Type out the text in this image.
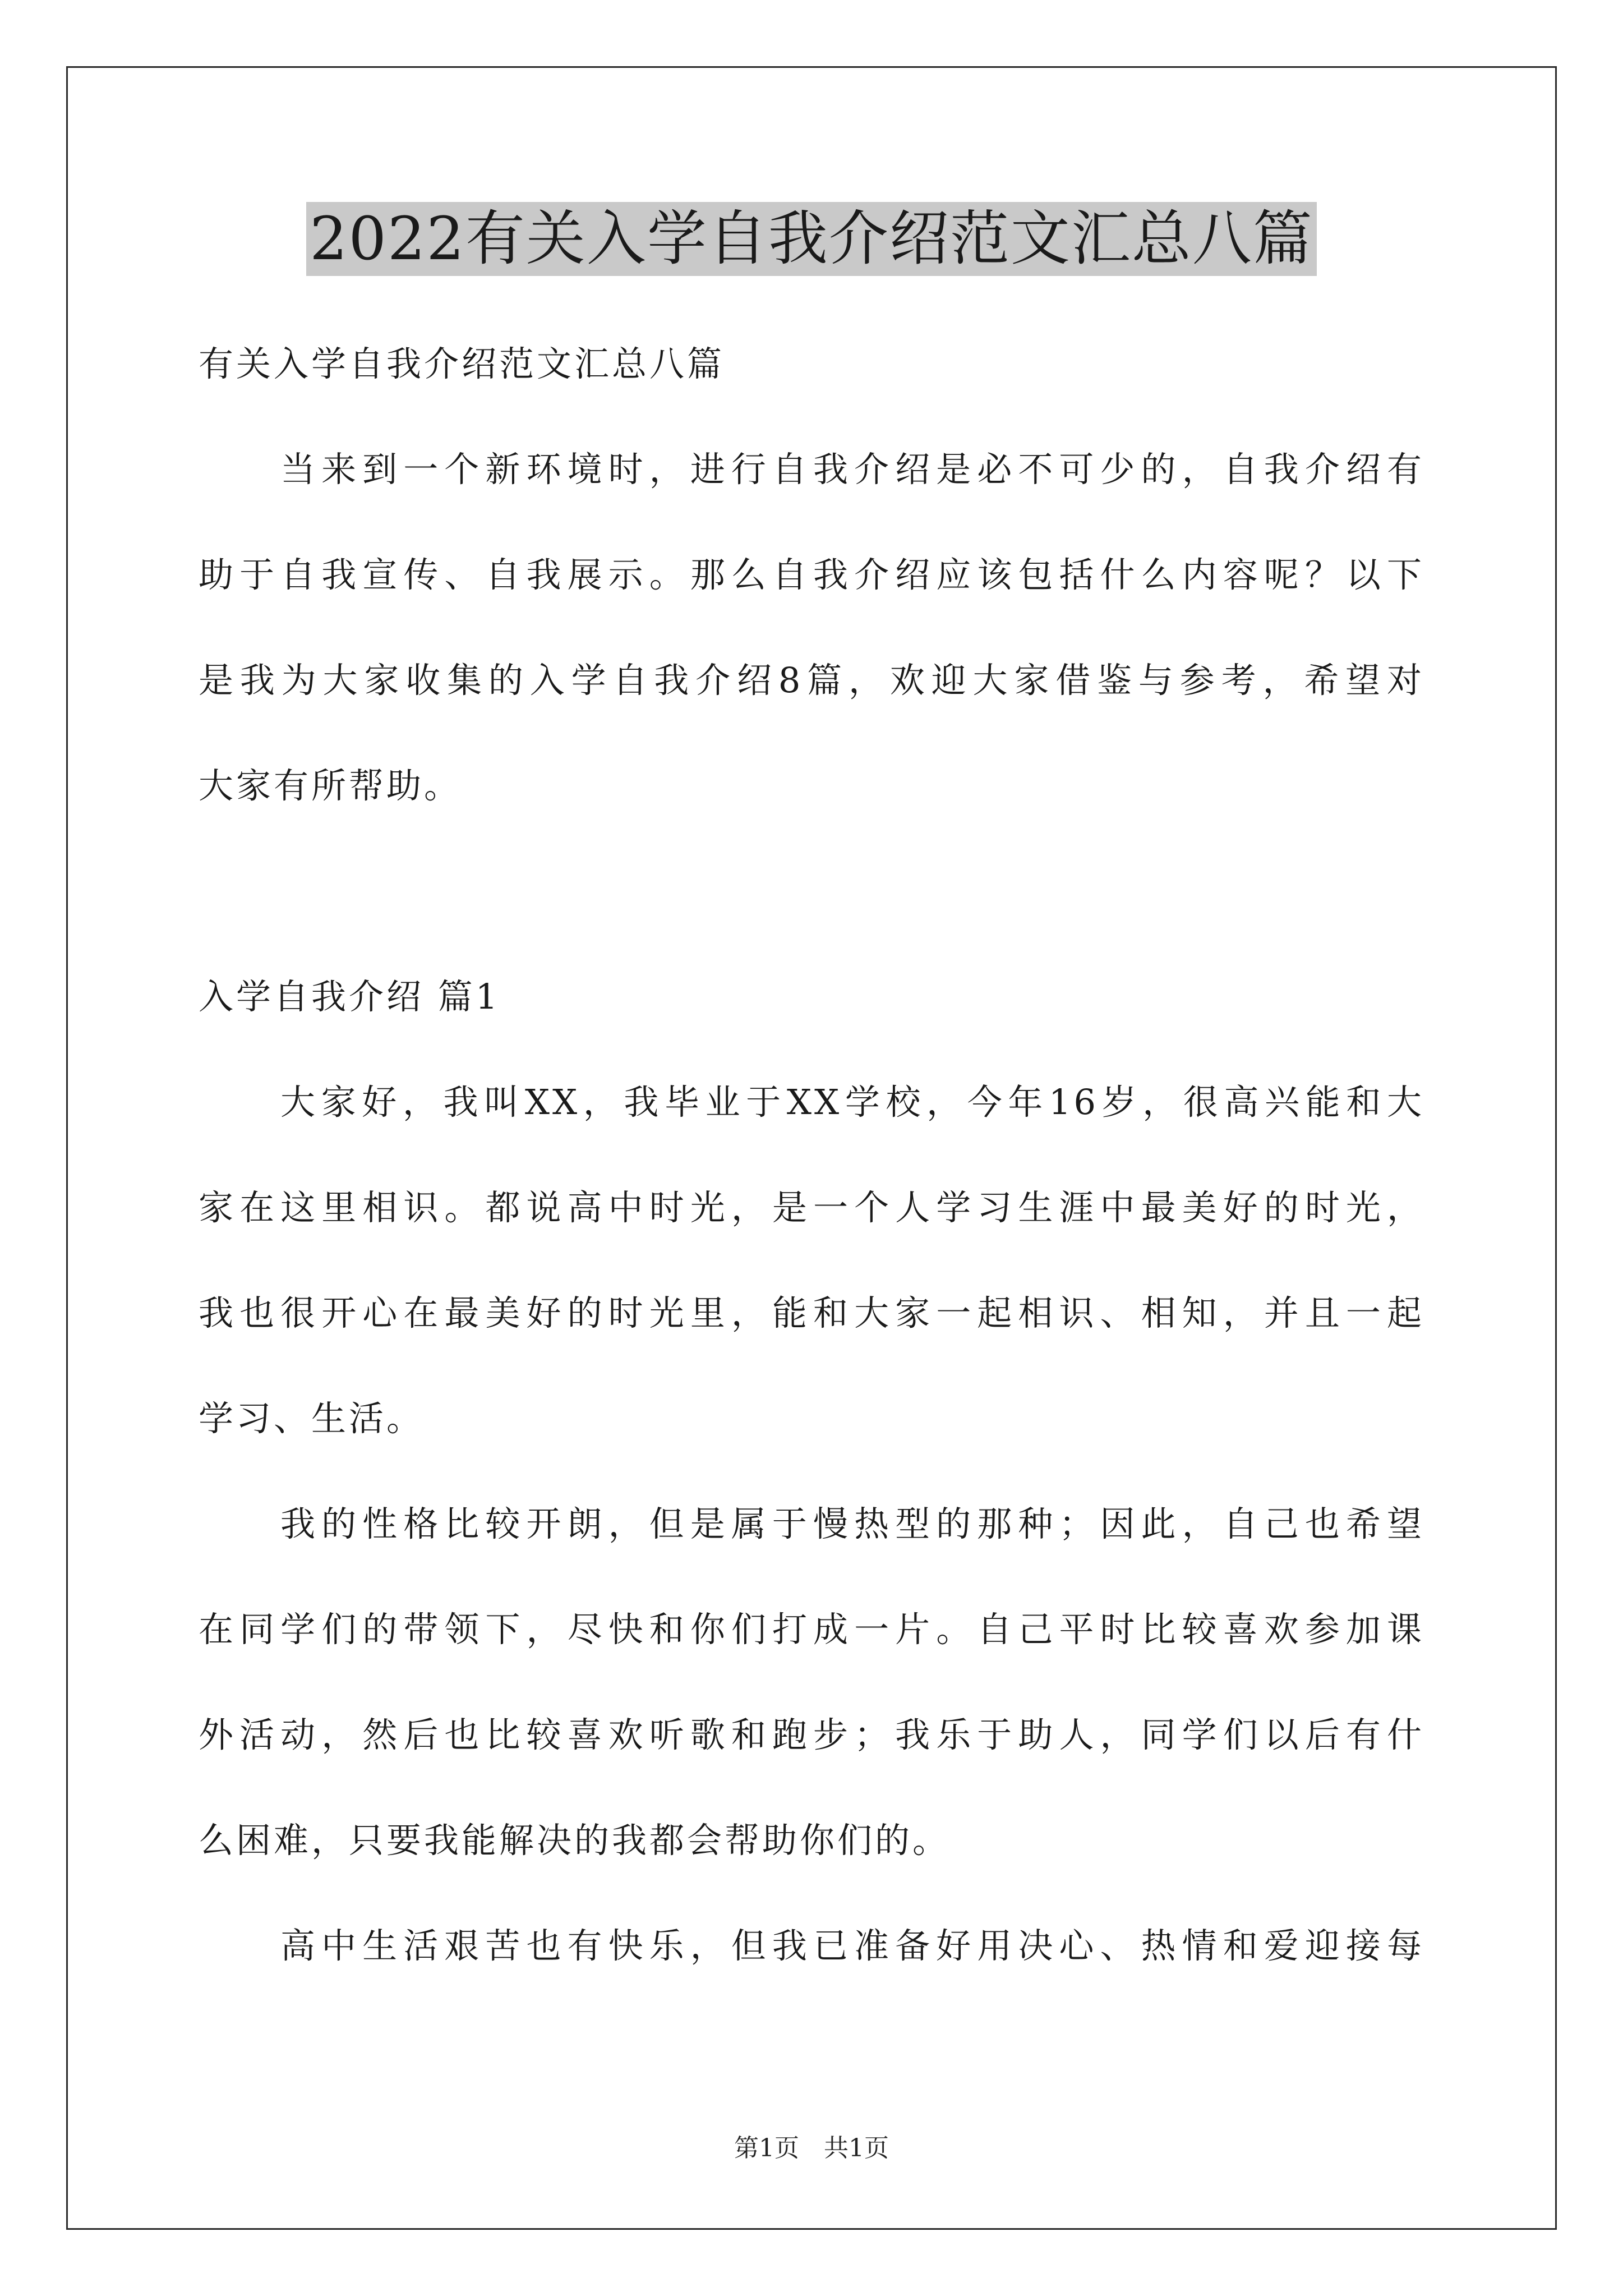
2022有关入学自我介绍范文汇总八篇
有关入学自我介绍范文汇总八篇
当来到一个新环境时，进行自我介绍是必不可少的，自我介绍有
助于自我宣传、自我展示。那么自我介绍应该包括什么内容呢？以下
是我为大家收集的入学自我介绍8篇，欢迎大家借鉴与参考，希望对
大家有所帮助。
入学自我介绍 篇1
大家好，我叫XX，我毕业于XX学校，今年16岁，很高兴能和大
家在这里相识。都说高中时光，是一个人学习生涯中最美好的时光，
我也很开心在最美好的时光里，能和大家一起相识、相知，并且一起
学习、生活。
我的性格比较开朗，但是属于慢热型的那种；因此，自己也希望
在同学们的带领下，尽快和你们打成一片。自己平时比较喜欢参加课
外活动，然后也比较喜欢听歌和跑步；我乐于助人，同学们以后有什
么困难，只要我能解决的我都会帮助你们的。
高中生活艰苦也有快乐，但我已准备好用决心、热情和爱迎接每
第1页　共1页
